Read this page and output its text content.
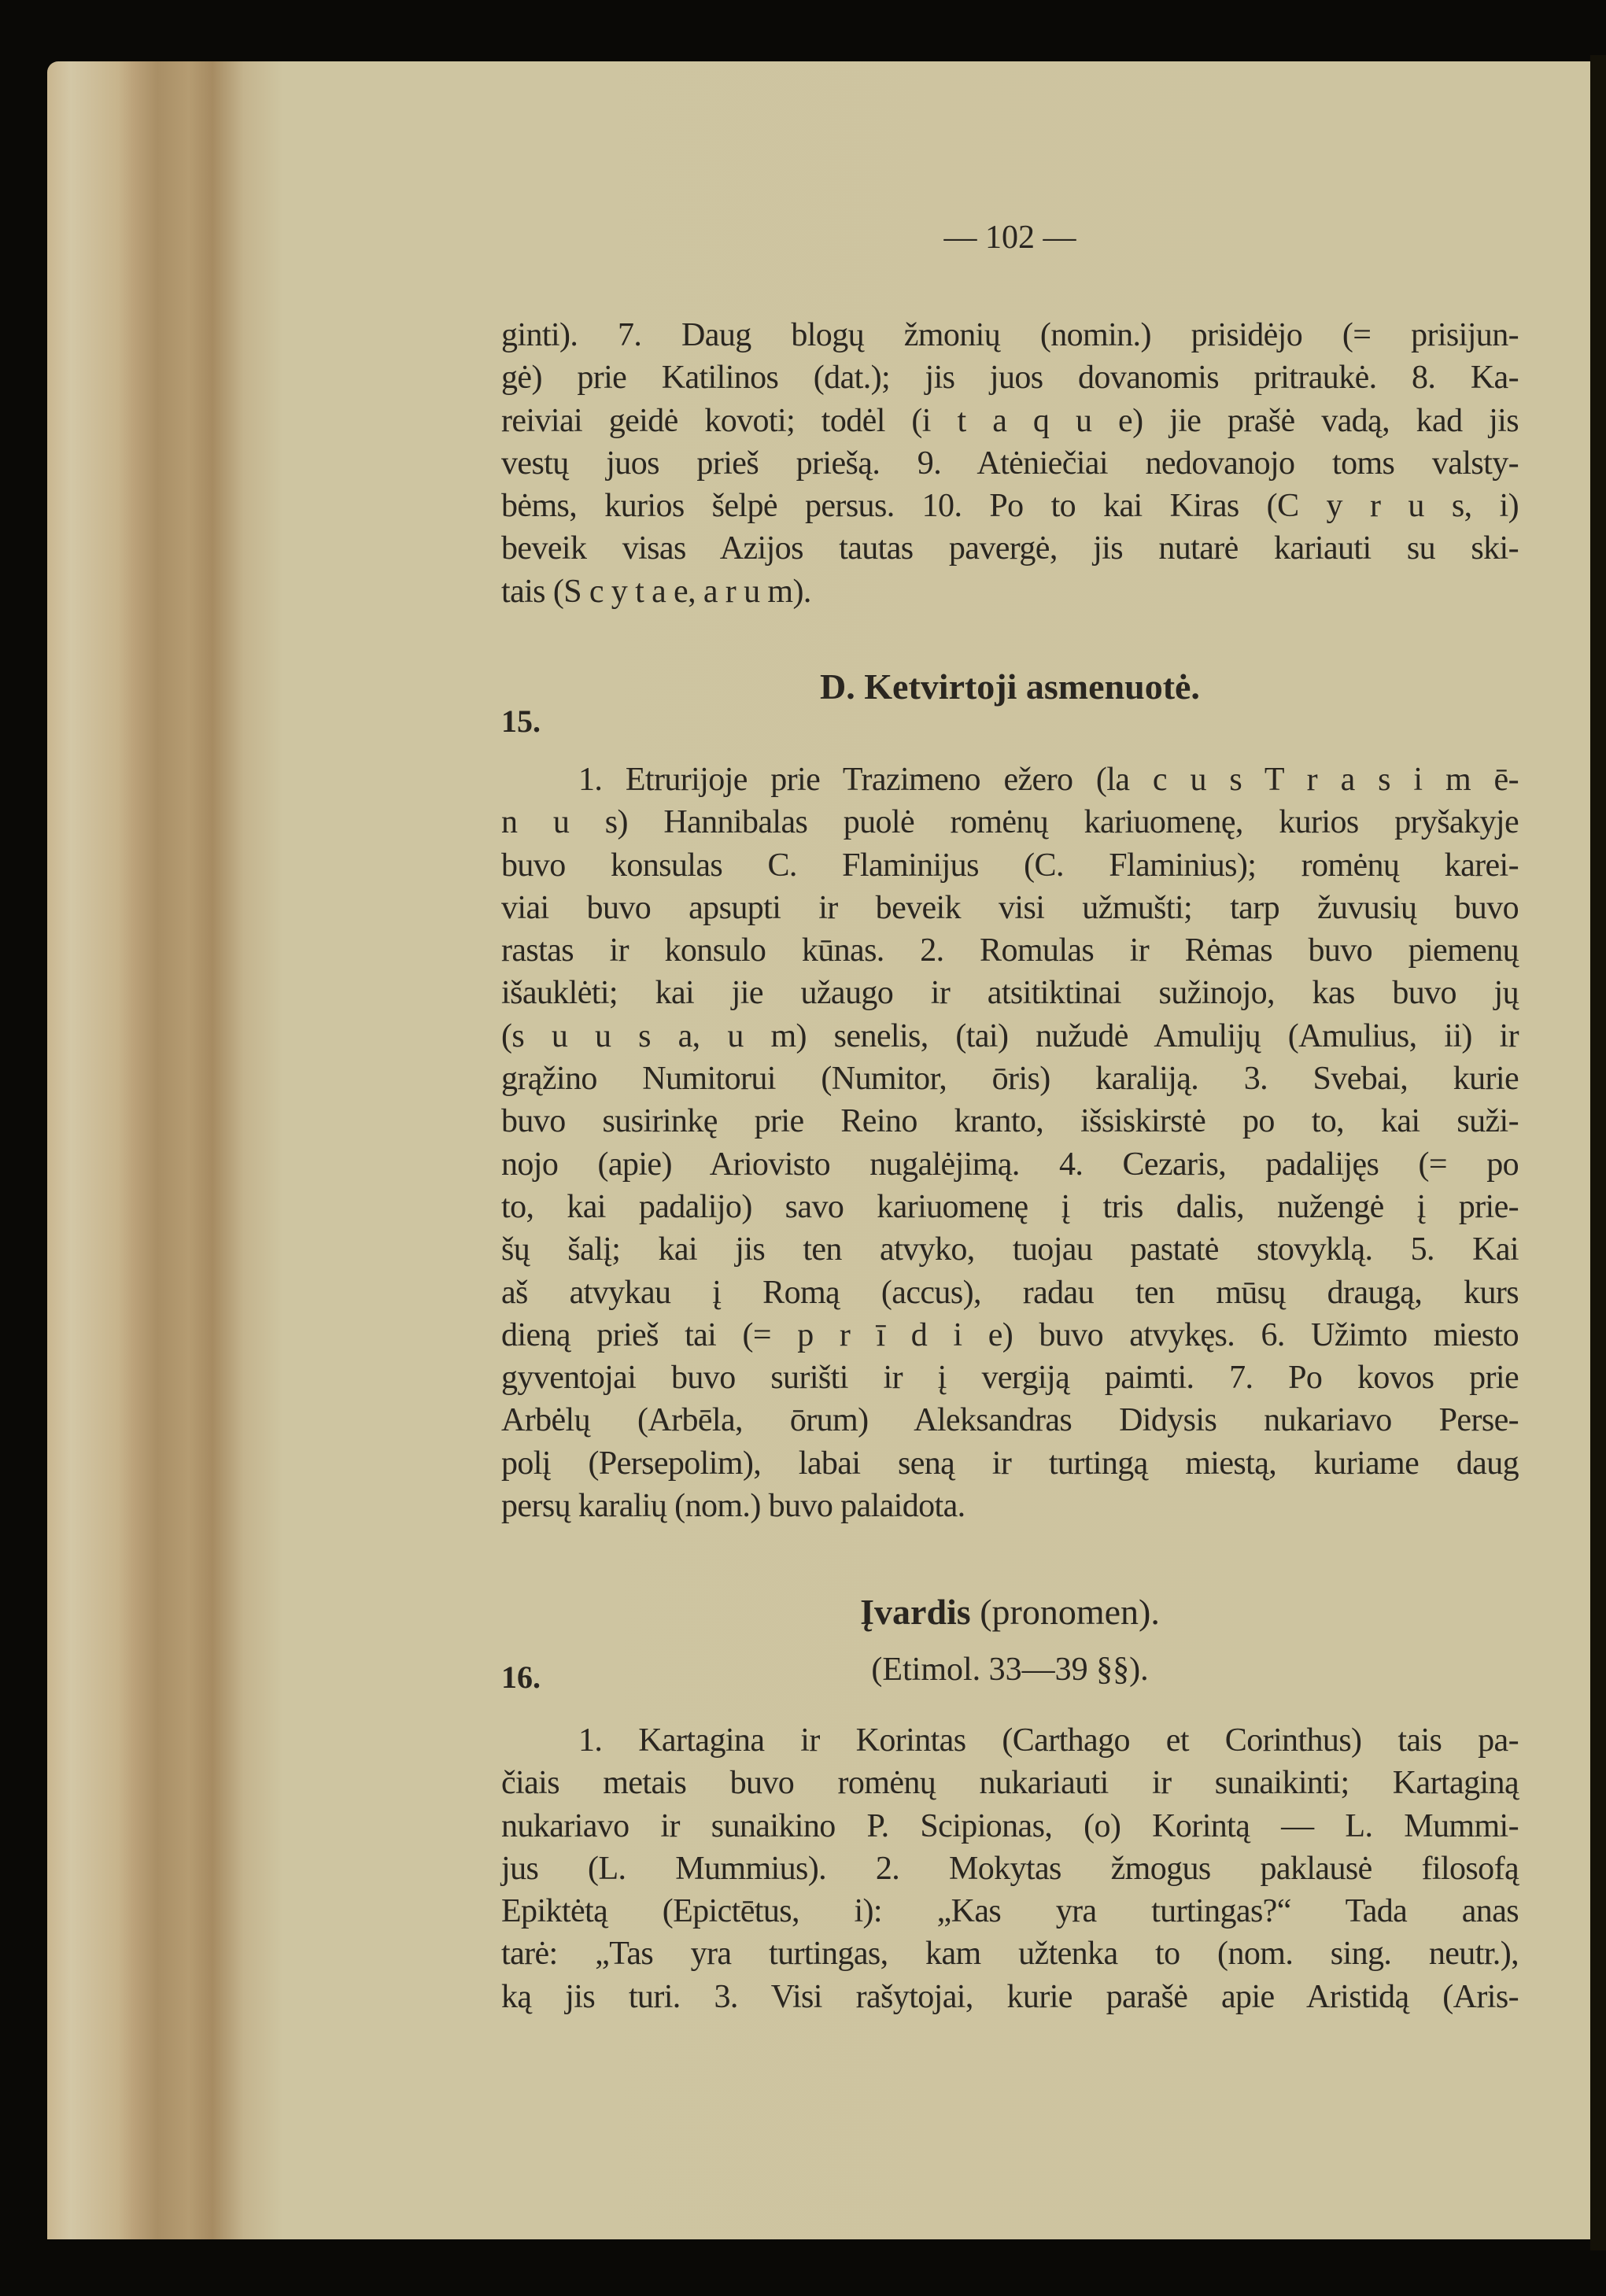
— 102 —
ginti). 7. Daug blogų žmonių (nomin.) prisidėjo (= prisijun-
gė) prie Katilinos (dat.); jis juos dovanomis pritraukė. 8. Ka-
reiviai geidė kovoti; todėl (i t a q u e) jie prašė vadą, kad jis
vestų juos prieš priešą. 9. Atėniečiai nedovanojo toms valsty-
bėms, kurios šelpė persus. 10. Po to kai Kiras (C y r u s, i)
beveik visas Azijos tautas pavergė, jis nutarė kariauti su ski-
tais (S c y t a e, a r u m).
D. Ketvirtoji asmenuotė.
15.
1. Etrurijoje prie Trazimeno ežero (la c u s T r a s i m ē-
n u s) Hannibalas puolė romėnų kariuomenę, kurios pryšakyje
buvo konsulas C. Flaminijus (C. Flaminius); romėnų karei-
viai buvo apsupti ir beveik visi užmušti; tarp žuvusių buvo
rastas ir konsulo kūnas. 2. Romulas ir Rėmas buvo piemenų
išauklėti; kai jie užaugo ir atsitiktinai sužinojo, kas buvo jų
(s u u s a, u m) senelis, (tai) nužudė Amulijų (Amulius, ii) ir
grąžino Numitorui (Numitor, ōris) karaliją. 3. Svebai, kurie
buvo susirinkę prie Reino kranto, išsiskirstė po to, kai suži-
nojo (apie) Ariovisto nugalėjimą. 4. Cezaris, padalijęs (= po
to, kai padalijo) savo kariuomenę į tris dalis, nužengė į prie-
šų šalį; kai jis ten atvyko, tuojau pastatė stovyklą. 5. Kai
aš atvykau į Romą (accus), radau ten mūsų draugą, kurs
dieną prieš tai (= p r ī d i e) buvo atvykęs. 6. Užimto miesto
gyventojai buvo surišti ir į vergiją paimti. 7. Po kovos prie
Arbėlų (Arbēla, ōrum) Aleksandras Didysis nukariavo Perse-
polį (Persepolim), labai seną ir turtingą miestą, kuriame daug
persų karalių (nom.) buvo palaidota.
Įvardis (pronomen).
(Etimol. 33—39 §§).
16.
1. Kartagina ir Korintas (Carthago et Corinthus) tais pa-
čiais metais buvo romėnų nukariauti ir sunaikinti; Kartaginą
nukariavo ir sunaikino P. Scipionas, (o) Korintą — L. Mummi-
jus (L. Mummius). 2. Mokytas žmogus paklausė filosofą
Epiktėtą (Epictētus, i): „Kas yra turtingas?“ Tada anas
tarė: „Tas yra turtingas, kam užtenka to (nom. sing. neutr.),
ką jis turi. 3. Visi rašytojai, kurie parašė apie Aristidą (Aris-
